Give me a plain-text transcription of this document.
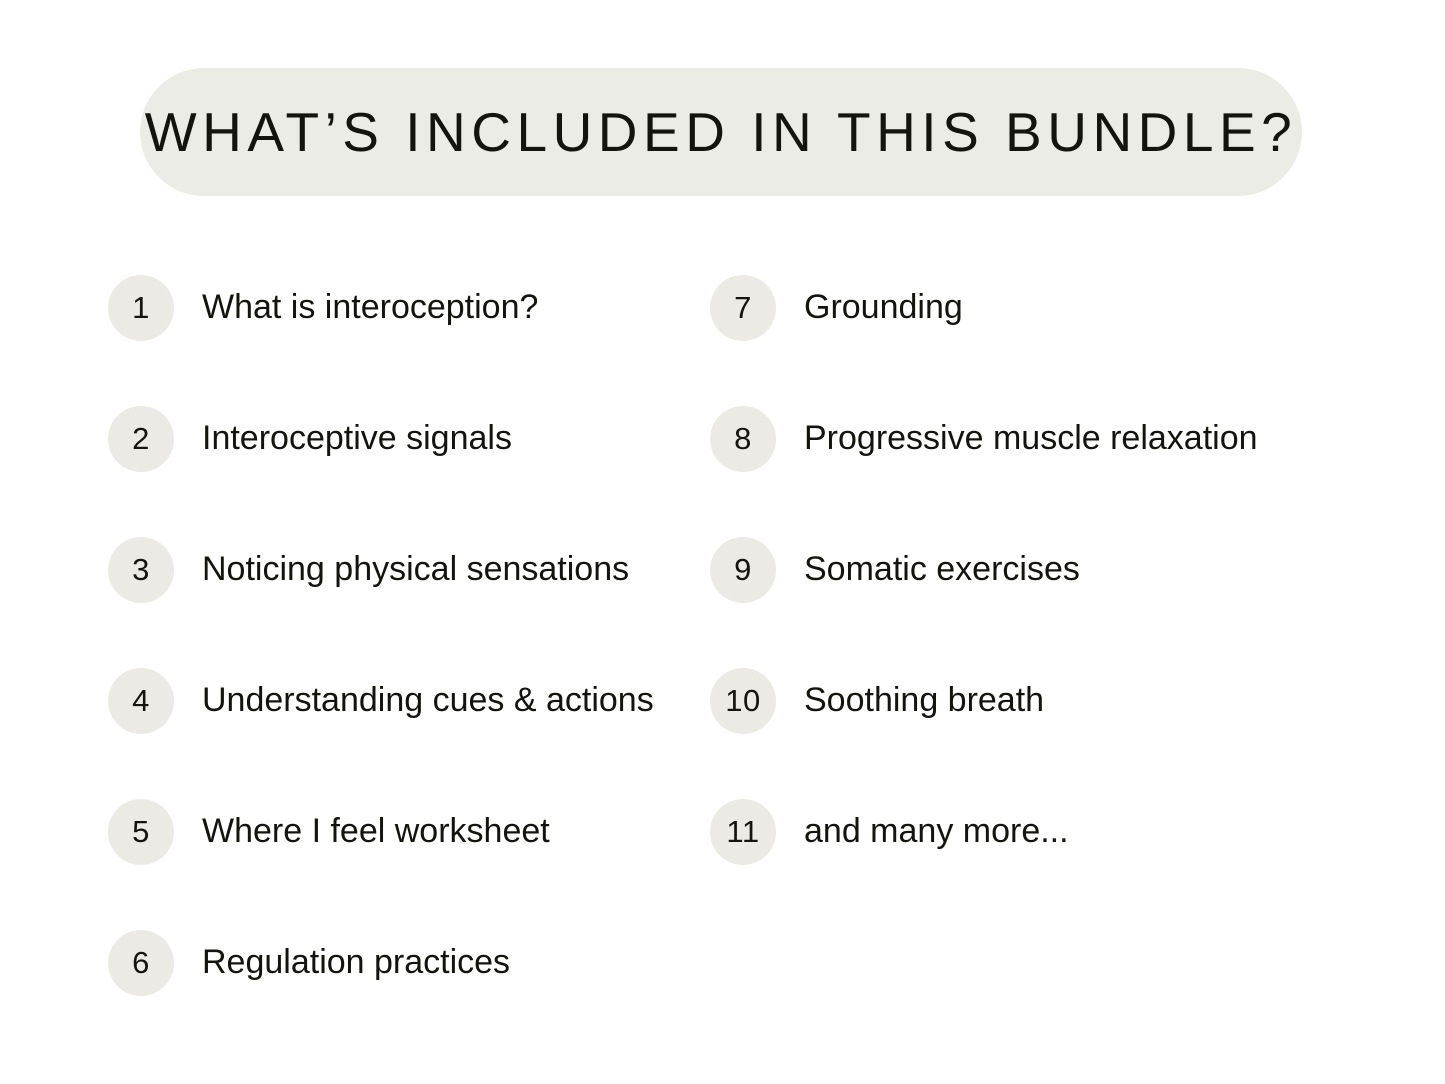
WHAT’S INCLUDED IN THIS BUNDLE?
1	What is interoception?
2	Interoceptive signals
3	Noticing physical sensations
4	Understanding cues & actions
5	Where I feel worksheet
6	Regulation practices
7	Grounding
8	Progressive muscle relaxation
9	Somatic exercises
10	Soothing breath
11	and many more...
